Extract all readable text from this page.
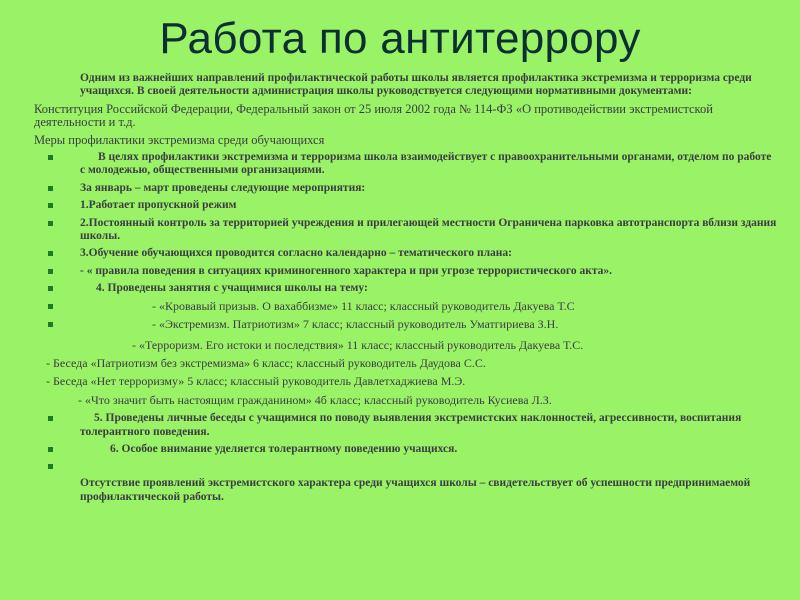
Работа по антитеррору

Одним из важнейших направлений профилактической работы школы является профилактика экстремизма и терроризма среди учащихся. В своей деятельности администрация школы руководствуется следующими нормативными документами:

Конституция Российской Федерации, Федеральный закон от 25 июля 2002 года № 114-ФЗ «О противодействии экстремистской деятельности и т.д.

Меры профилактики экстремизма среди обучающихся

В целях профилактики экстремизма и терроризма школа взаимодействует с правоохранительными органами, отделом по работе с молодежью, общественными организациями.
За январь – март проведены следующие мероприятия:
1.Работает пропускной режим
2.Постоянный контроль за территорией учреждения и прилегающей местности Ограничена парковка автотранспорта вблизи здания школы.
3.Обучение обучающихся проводится согласно календарно – тематического плана:
- « правила поведения в ситуациях криминогенного характера и при угрозе террористического акта».
4. Проведены занятия с учащимися школы на тему:
- «Кровавый призыв. О вахаббизме» 11 класс; классный руководитель Дакуева Т.С
- «Экстремизм. Патриотизм» 7 класс; классный руководитель Уматгириева З.Н.
- «Терроризм. Его истоки и последствия» 11 класс; классный руководитель Дакуева Т.С.
- Беседа «Патриотизм без экстремизма» 6 класс; классный руководитель Даудова С.С.
- Беседа «Нет терроризму» 5 класс; классный руководитель Давлетхаджиева М.Э.
- «Что значит быть настоящим гражданином» 4б класс; классный руководитель Кусиева Л.З.
5. Проведены личные беседы с учащимися по поводу выявления экстремистских наклонностей, агрессивности, воспитания толерантного поведения.
6. Особое внимание уделяется толерантному поведению учащихся.
Отсутствие проявлений экстремистского характера среди учащихся школы – свидетельствует об успешности предпринимаемой профилактической работы.
